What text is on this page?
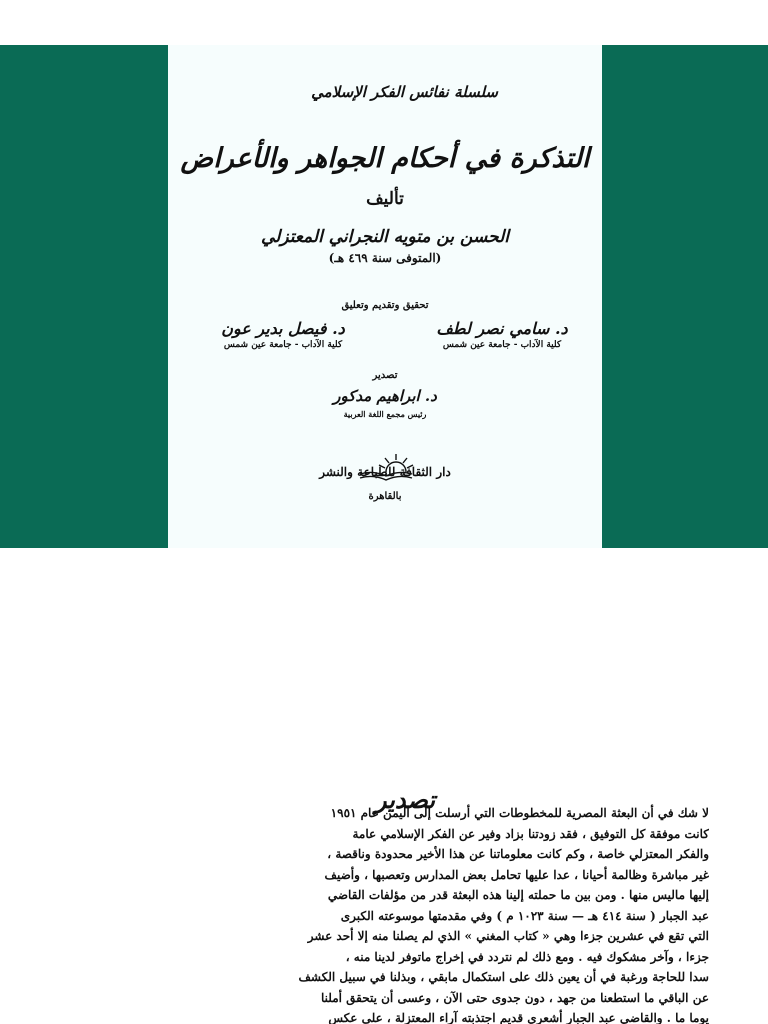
سلسلة نفائس الفكر الإسلامي

التذكرة في أحكام الجواهر والأعراض

تأليف

الحسن بن متويه النجراني المعتزلي

(المتوفى سنة ٤٦٩ هـ)

تحقيق وتقديم وتعليق

د. سامي نصر لطف

كلية الآداب - جامعة عين شمس

د. فيصل بدير عون

كلية الآداب - جامعة عين شمس

تصدير

د. ابراهيم مدكور

رئيس مجمع اللغة العربية

دار الثقافة للطباعة والنشر

بالقاهرة

تصدير

لا شك في أن البعثة المصرية للمخطوطات التي أرسلت إلى اليمن عام ١٩٥١
كانت موفقة كل التوفيق ، فقد زودتنا بزاد وفير عن الفكر الإسلامي عامة
والفكر المعتزلي خاصة ، وكم كانت معلوماتنا عن هذا الأخير محدودة وناقصة ،
غير مباشرة وظالمة أحيانا ، عدا عليها تحامل بعض المدارس وتعصبها ، وأضيف
إليها ماليس منها . ومن بين ما حملته إلينا هذه البعثة قدر من مؤلفات القاضي
عبد الجبار ( سنة ٤١٤ هـ — سنة ١٠٢٣ م ) وفي مقدمتها موسوعته الكبرى
التي تقع في عشرين جزءا وهي « كتاب المغني » الذي لم يصلنا منه إلا أحد عشر
جزءا ، وآخر مشكوك فيه . ومع ذلك لم نتردد في إخراج ماتوفر لدينا منه ،
سدا للحاجة ورغبة في أن يعين ذلك على استكمال مابقي ، وبذلنا في سبيل الكشف
عن الباقي ما استطعنا من جهد ، دون جدوى حتى الآن ، وعسى أن يتحقق أملنا
يوما ما . والقاضي عبد الجبار أشعري قديم اجتذبته آراء المعتزلة ، على عكس
